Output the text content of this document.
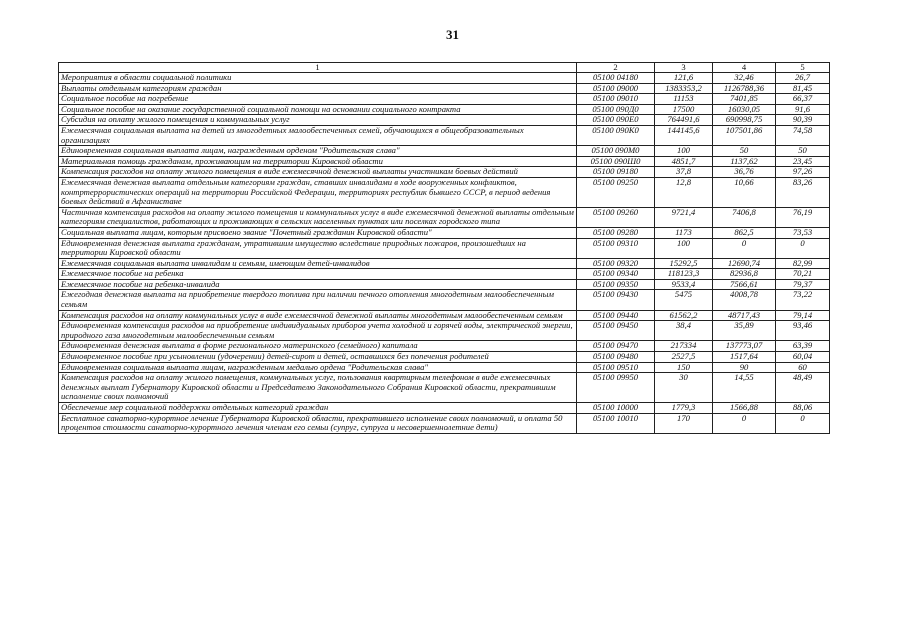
31
1	2	3	4	5
Мероприятия в области социальной политики	05100 04180	121,6	32,46	26,7
Выплаты отдельным категориям граждан	05100 09000	1383353,2	1126788,36	81,45
Социальное пособие на погребение	05100 09010	11153	7401,85	66,37
Социальное пособие на оказание государственной социальной помощи на основании социального контракта	05100 090Д0	17500	16030,05	91,6
Субсидия на оплату жилого помещения и коммунальных услуг	05100 090Е0	764491,6	690998,75	90,39
Ежемесячная социальная выплата на детей из многодетных малообеспеченных семей, обучающихся в общеобразовательных организациях	05100 090К0	144145,6	107501,86	74,58
Единовременная социальная выплата лицам, награжденным орденом "Родительская слава"	05100 090М0	100	50	50
Материальная помощь гражданам, проживающим на территории Кировской области	05100 090Ш0	4851,7	1137,62	23,45
Компенсация расходов на оплату жилого помещения в виде ежемесячной денежной выплаты участникам боевых действий	05100 09180	37,8	36,76	97,26
Ежемесячная денежная выплата отдельным категориям граждан, ставших инвалидами в ходе вооруженных конфликтов, контртеррористических операций на территории Российской Федерации, территориях республик бывшего СССР, в период ведения боевых действий в Афганистане	05100 09250	12,8	10,66	83,26
Частичная компенсация расходов на оплату жилого помещения и коммунальных услуг в виде ежемесячной денежной выплаты отдельным категориям специалистов, работающих и проживающих в сельских населенных пунктах или поселках городского типа	05100 09260	9721,4	7406,8	76,19
Социальная выплата лицам, которым присвоено звание "Почетный гражданин Кировской области"	05100 09280	1173	862,5	73,53
Единовременная денежная выплата гражданам, утратившим имущество вследствие природных пожаров, произошедших на территории Кировской области	05100 09310	100	0	0
Ежемесячная социальная выплата инвалидам и семьям, имеющим детей-инвалидов	05100 09320	15292,5	12690,74	82,99
Ежемесячное пособие на ребенка	05100 09340	118123,3	82936,8	70,21
Ежемесячное пособие на ребенка-инвалида	05100 09350	9533,4	7566,61	79,37
Ежегодная денежная выплата на приобретение твердого топлива при наличии печного отопления многодетным малообеспеченным семьям	05100 09430	5475	4008,78	73,22
Компенсация расходов на оплату коммунальных услуг в виде ежемесячной денежной выплаты многодетным малообеспеченным семьям	05100 09440	61562,2	48717,43	79,14
Единовременная компенсация расходов на приобретение индивидуальных приборов учета холодной и горячей воды, электрической энергии, природного газа многодетным малообеспеченным семьям	05100 09450	38,4	35,89	93,46
Единовременная денежная выплата в форме регионального материнского (семейного) капитала	05100 09470	217334	137773,07	63,39
Единовременное пособие при усыновлении (удочерении) детей-сирот и детей, оставшихся без попечения родителей	05100 09480	2527,5	1517,64	60,04
Единовременная социальная выплата лицам, награжденным медалью ордена "Родительская слава"	05100 09510	150	90	60
Компенсация расходов на оплату жилого помещения, коммунальных услуг, пользования квартирным телефоном в виде ежемесячных денежных выплат Губернатору Кировской области и Председателю Законодательного Собрания Кировской области, прекратившим исполнение своих полномочий	05100 09950	30	14,55	48,49
Обеспечение мер социальной поддержки отдельных категорий граждан	05100 10000	1779,3	1566,88	88,06
Бесплатное санаторно-курортное лечение Губернатора Кировской области, прекратившего исполнение своих полномочий, и оплата 50 процентов стоимости санаторно-курортного лечения членам его семьи (супруг, супруга и несовершеннолетние дети)	05100 10010	170	0	0
